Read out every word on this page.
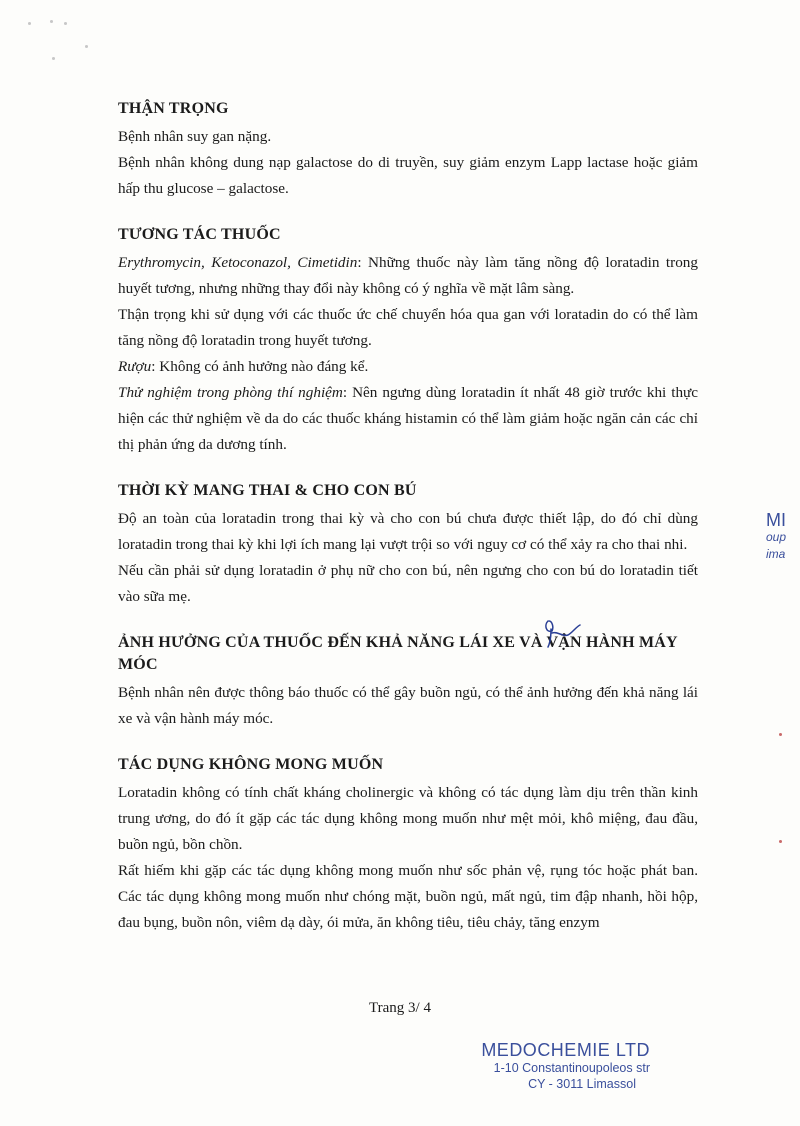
THẬN TRỌNG

Bệnh nhân suy gan nặng.

Bệnh nhân không dung nạp galactose do di truyền, suy giảm enzym Lapp lactase hoặc giảm hấp thu glucose – galactose.

TƯƠNG TÁC THUỐC

Erythromycin, Ketoconazol, Cimetidin: Những thuốc này làm tăng nồng độ loratadin trong huyết tương, nhưng những thay đổi này không có ý nghĩa về mặt lâm sàng.

Thận trọng khi sử dụng với các thuốc ức chế chuyển hóa qua gan với loratadin do có thể làm tăng nồng độ loratadin trong huyết tương.

Rượu: Không có ảnh hưởng nào đáng kể.

Thử nghiệm trong phòng thí nghiệm: Nên ngưng dùng loratadin ít nhất 48 giờ trước khi thực hiện các thử nghiệm về da do các thuốc kháng histamin có thể làm giảm hoặc ngăn cản các chỉ thị phản ứng da dương tính.

THỜI KỲ MANG THAI & CHO CON BÚ

Độ an toàn của loratadin trong thai kỳ và cho con bú chưa được thiết lập, do đó chỉ dùng loratadin trong thai kỳ khi lợi ích mang lại vượt trội so với nguy cơ có thể xảy ra cho thai nhi.

Nếu cần phải sử dụng loratadin ở phụ nữ cho con bú, nên ngưng cho con bú do loratadin tiết vào sữa mẹ.

ẢNH HƯỞNG CỦA THUỐC ĐẾN KHẢ NĂNG LÁI XE VÀ VẬN HÀNH MÁY MÓC

Bệnh nhân nên được thông báo thuốc có thể gây buồn ngủ, có thể ảnh hưởng đến khả năng lái xe và vận hành máy móc.

TÁC DỤNG KHÔNG MONG MUỐN

Loratadin không có tính chất kháng cholinergic và không có tác dụng làm dịu trên thần kinh trung ương, do đó ít gặp các tác dụng không mong muốn như mệt mỏi, khô miệng, đau đầu, buồn ngủ, bồn chồn.

Rất hiếm khi gặp các tác dụng không mong muốn như sốc phản vệ, rụng tóc hoặc phát ban. Các tác dụng không mong muốn như chóng mặt, buồn ngủ, mất ngủ, tim đập nhanh, hồi hộp, đau bụng, buồn nôn, viêm dạ dày, ói mửa, ăn không tiêu, tiêu chảy, tăng enzym

MI
oup
ima
Trang 3/ 4
MEDOCHEMIE LTD
1-10 Constantinoupoleos str
CY - 3011 Limassol
